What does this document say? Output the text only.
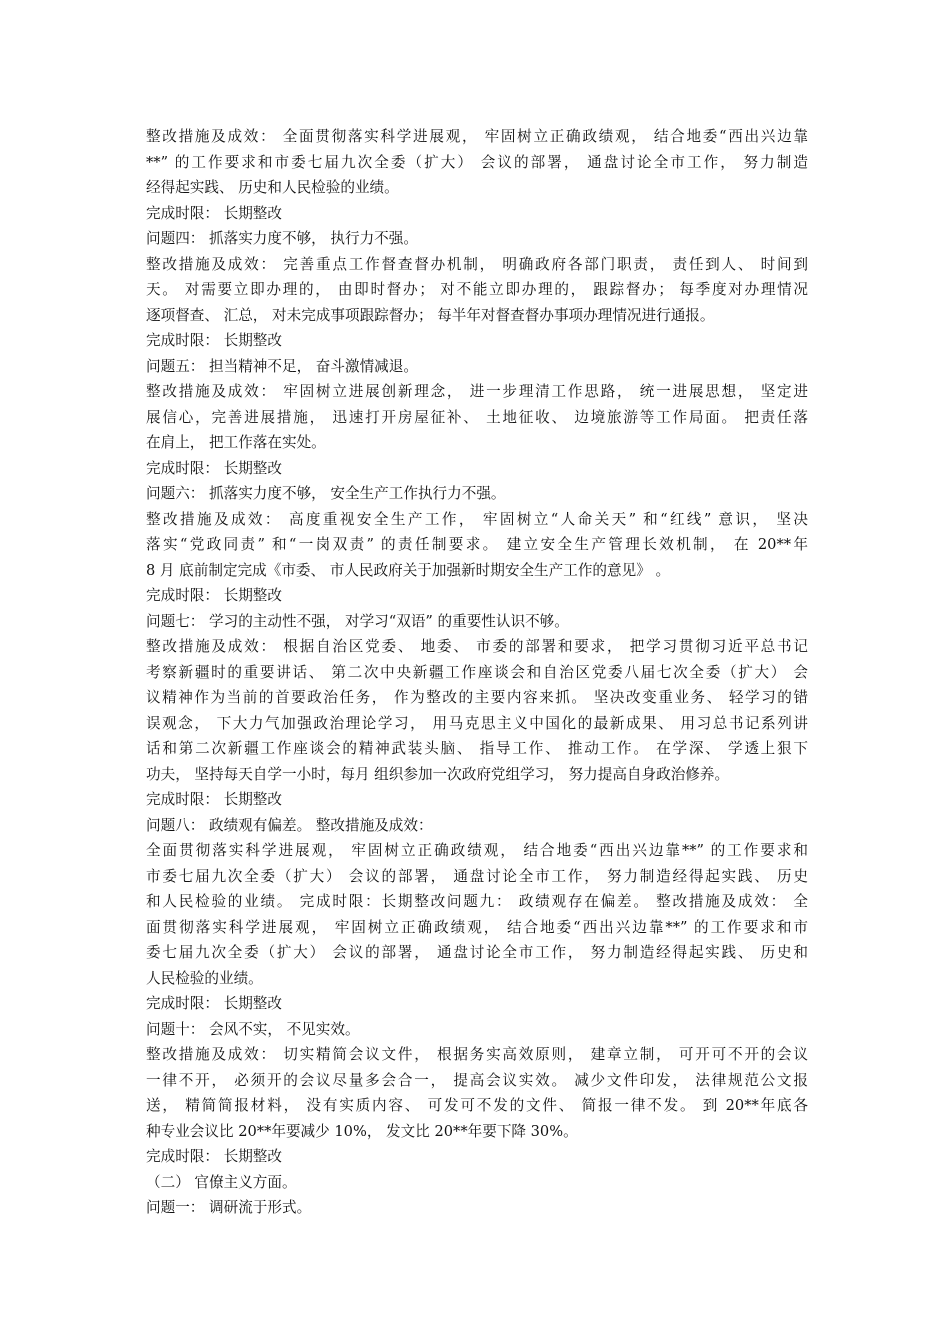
整改措施及成效： 全面贯彻落实科学进展观， 牢固树立正确政绩观， 结合地委“西出兴边靠
**” 的工作要求和市委七届九次全委（扩大） 会议的部署， 通盘讨论全市工作， 努力制造
经得起实践、 历史和人民检验的业绩。
完成时限： 长期整改
问题四： 抓落实力度不够， 执行力不强。
整改措施及成效： 完善重点工作督查督办机制， 明确政府各部门职责， 责任到人、 时间到
天。 对需要立即办理的， 由即时督办； 对不能立即办理的， 跟踪督办； 每季度对办理情况
逐项督查、 汇总， 对未完成事项跟踪督办； 每半年对督查督办事项办理情况进行通报。
完成时限： 长期整改
问题五： 担当精神不足， 奋斗激情减退。
整改措施及成效： 牢固树立进展创新理念， 进一步理清工作思路， 统一进展思想， 坚定进
展信心，完善进展措施， 迅速打开房屋征补、 土地征收、 边境旅游等工作局面。 把责任落
在肩上， 把工作落在实处。
完成时限： 长期整改
问题六： 抓落实力度不够， 安全生产工作执行力不强。
整改措施及成效： 高度重视安全生产工作， 牢固树立“人命关天” 和“红线” 意识， 坚决
落实“党政同责” 和“一岗双责” 的责任制要求。 建立安全生产管理长效机制， 在 20**年
8 月 底前制定完成《市委、 市人民政府关于加强新时期安全生产工作的意见》 。
完成时限： 长期整改
问题七： 学习的主动性不强， 对学习“双语” 的重要性认识不够。
整改措施及成效： 根据自治区党委、 地委、 市委的部署和要求， 把学习贯彻习近平总书记
考察新疆时的重要讲话、 第二次中央新疆工作座谈会和自治区党委八届七次全委（扩大） 会
议精神作为当前的首要政治任务， 作为整改的主要内容来抓。 坚决改变重业务、 轻学习的错
误观念， 下大力气加强政治理论学习， 用马克思主义中国化的最新成果、 用习总书记系列讲
话和第二次新疆工作座谈会的精神武装头脑、 指导工作、 推动工作。 在学深、 学透上狠下
功夫， 坚持每天自学一小时，每月 组织参加一次政府党组学习， 努力提高自身政治修养。
完成时限： 长期整改
问题八： 政绩观有偏差。 整改措施及成效：
全面贯彻落实科学进展观， 牢固树立正确政绩观， 结合地委“西出兴边靠**” 的工作要求和
市委七届九次全委（扩大） 会议的部署， 通盘讨论全市工作， 努力制造经得起实践、 历史
和人民检验的业绩。 完成时限：长期整改问题九： 政绩观存在偏差。 整改措施及成效： 全
面贯彻落实科学进展观， 牢固树立正确政绩观， 结合地委“西出兴边靠**” 的工作要求和市
委七届九次全委（扩大） 会议的部署， 通盘讨论全市工作， 努力制造经得起实践、 历史和
人民检验的业绩。
完成时限： 长期整改
问题十： 会风不实， 不见实效。
整改措施及成效： 切实精简会议文件， 根据务实高效原则， 建章立制， 可开可不开的会议
一律不开， 必须开的会议尽量多会合一， 提高会议实效。 减少文件印发， 法律规范公文报
送， 精简简报材料， 没有实质内容、 可发可不发的文件、 简报一律不发。 到 20**年底各
种专业会议比 20**年要减少 10%， 发文比 20**年要下降 30%。
完成时限： 长期整改
（二） 官僚主义方面。
问题一： 调研流于形式。
